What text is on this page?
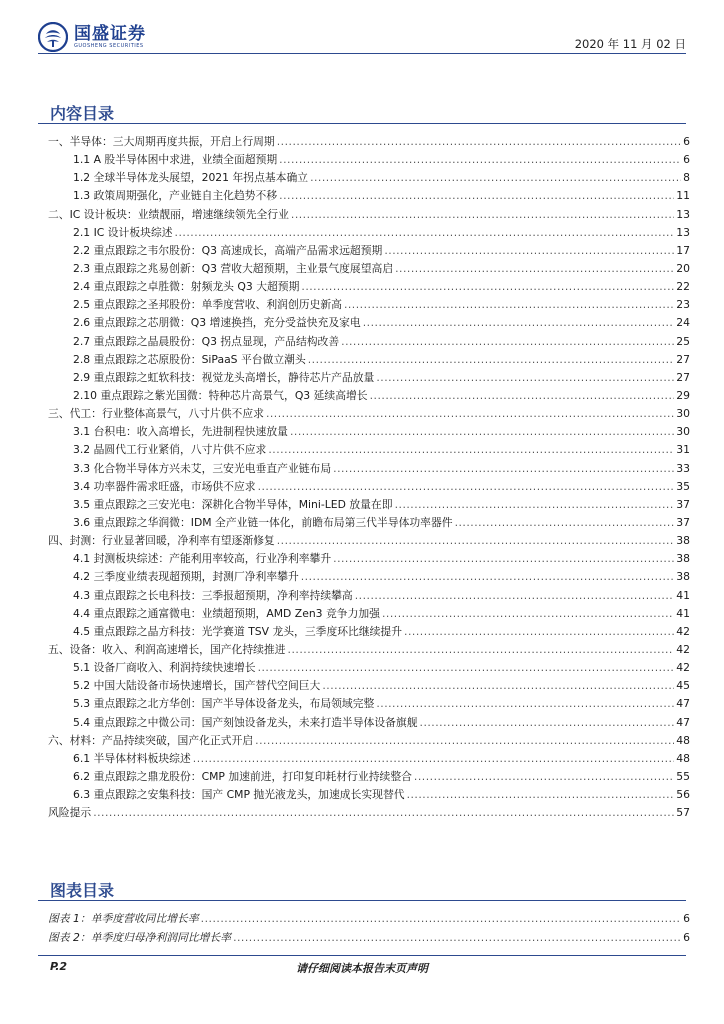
国盛证券
GUOSHENG SECURITIES	2020 年 11 月 02 日
内容目录
一、半导体：三大周期再度共振，开启上行周期 .....	6
1.1 A 股半导体困中求进，业绩全面超预期 .....	6
1.2 全球半导体龙头展望，2021 年拐点基本确立 .....	8
1.3 政策周期强化，产业链自主化趋势不移 .....	11
二、IC 设计板块：业绩靓丽，增速继续领先全行业 .....	13
2.1 IC 设计板块综述 .....	13
2.2 重点跟踪之韦尔股份：Q3 高速成长，高端产品需求远超预期 .....	17
2.3 重点跟踪之兆易创新：Q3 营收大超预期，主业景气度展望高启 .....	20
2.4 重点跟踪之卓胜微：射频龙头 Q3 大超预期 .....	22
2.5 重点跟踪之圣邦股份：单季度营收、利润创历史新高 .....	23
2.6 重点跟踪之芯朋微：Q3 增速换挡，充分受益快充及家电 .....	24
2.7 重点跟踪之晶晨股份：Q3 拐点显现，产品结构改善 .....	25
2.8 重点跟踪之芯原股份：SiPaaS 平台做立潮头 .....	27
2.9 重点跟踪之虹软科技：视觉龙头高增长，静待芯片产品放量 .....	27
2.10 重点跟踪之紫光国微：特种芯片高景气，Q3 延续高增长 .....	29
三、代工：行业整体高景气，八寸片供不应求 .....	30
3.1 台积电：收入高增长，先进制程快速放量 .....	30
3.2 晶圆代工行业紧俏，八寸片供不应求 .....	31
3.3 化合物半导体方兴未艾，三安光电垂直产业链布局 .....	33
3.4 功率器件需求旺盛，市场供不应求 .....	35
3.5 重点跟踪之三安光电：深耕化合物半导体，Mini-LED 放量在即 .....	37
3.6 重点跟踪之华润微：IDM 全产业链一体化，前瞻布局第三代半导体功率器件 .....	37
四、封测：行业显著回暖，净利率有望逐渐修复 .....	38
4.1 封测板块综述：产能利用率较高，行业净利率攀升 .....	38
4.2 三季度业绩表现超预期，封测厂净利率攀升 .....	38
4.3 重点跟踪之长电科技：三季报超预期，净利率持续攀高 .....	41
4.4 重点跟踪之通富微电：业绩超预期，AMD Zen3 竞争力加强 .....	41
4.5 重点跟踪之晶方科技：光学赛道 TSV 龙头，三季度环比继续提升 .....	42
五、设备：收入、利润高速增长，国产化持续推进 .....	42
5.1 设备厂商收入、利润持续快速增长 .....	42
5.2 中国大陆设备市场快速增长，国产替代空间巨大 .....	45
5.3 重点跟踪之北方华创：国产半导体设备龙头，布局领域完整 .....	47
5.4 重点跟踪之中微公司：国产刻蚀设备龙头，未来打造半导体设备旗舰 .....	47
六、材料：产品持续突破，国产化正式开启 .....	48
6.1 半导体材料板块综述 .....	48
6.2 重点跟踪之鼎龙股份：CMP 加速前进，打印复印耗材行业持续整合 .....	55
6.3 重点跟踪之安集科技：国产 CMP 抛光液龙头，加速成长实现替代 .....	56
风险提示 .....	57
图表目录
图表 1：单季度营收同比增长率 .....	6
图表 2：单季度归母净利润同比增长率 .....	6
P.2	请仔细阅读本报告末页声明
